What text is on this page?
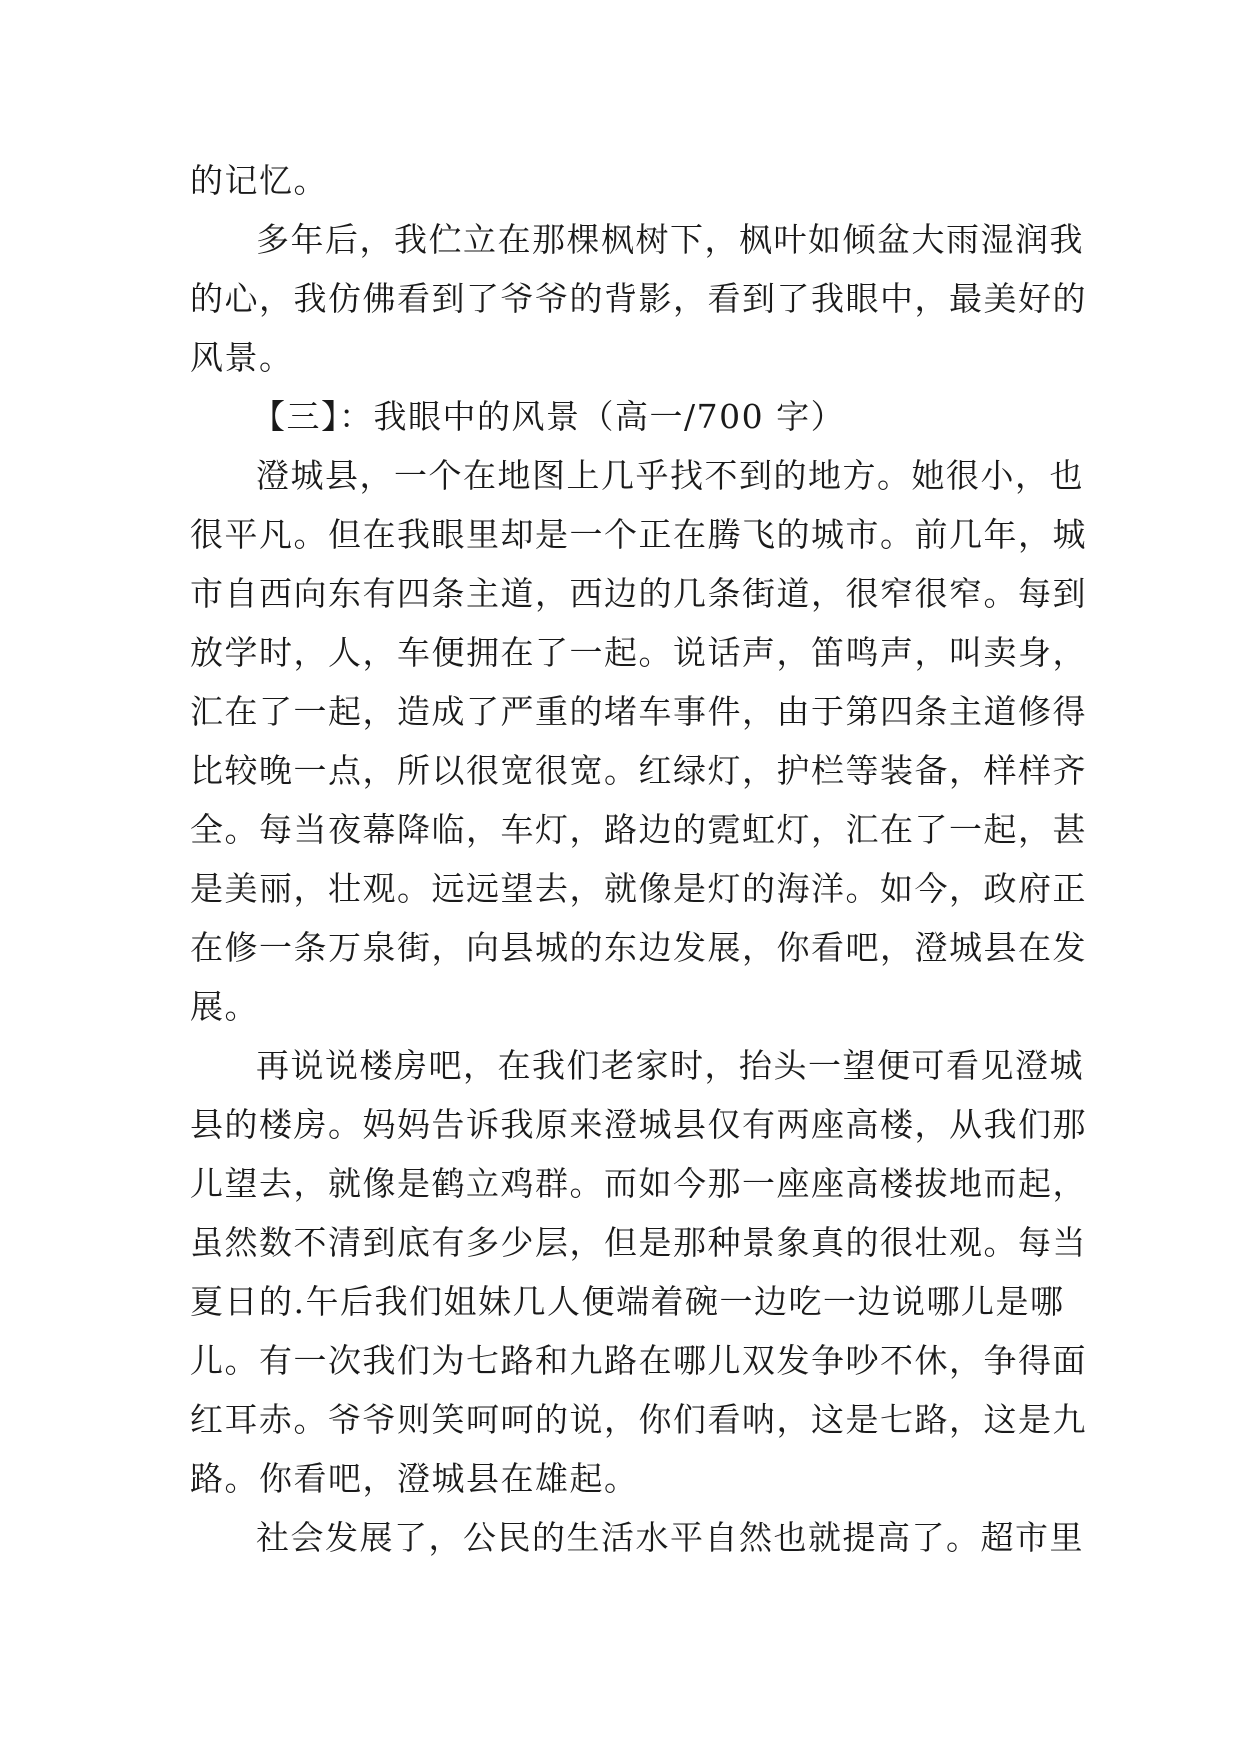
的记忆。
多年后，我伫立在那棵枫树下，枫叶如倾盆大雨湿润我
的心，我仿佛看到了爷爷的背影，看到了我眼中，最美好的
风景。
【三】：我眼中的风景（高一/700 字）
澄城县，一个在地图上几乎找不到的地方。她很小，也
很平凡。但在我眼里却是一个正在腾飞的城市。前几年，城
市自西向东有四条主道，西边的几条街道，很窄很窄。每到
放学时，人，车便拥在了一起。说话声，笛鸣声，叫卖身，
汇在了一起，造成了严重的堵车事件，由于第四条主道修得
比较晚一点，所以很宽很宽。红绿灯，护栏等装备，样样齐
全。每当夜幕降临，车灯，路边的霓虹灯，汇在了一起，甚
是美丽，壮观。远远望去，就像是灯的海洋。如今，政府正
在修一条万泉街，向县城的东边发展，你看吧，澄城县在发
展。
再说说楼房吧，在我们老家时，抬头一望便可看见澄城
县的楼房。妈妈告诉我原来澄城县仅有两座高楼，从我们那
儿望去，就像是鹤立鸡群。而如今那一座座高楼拔地而起，
虽然数不清到底有多少层，但是那种景象真的很壮观。每当
夏日的.午后我们姐妹几人便端着碗一边吃一边说哪儿是哪
儿。有一次我们为七路和九路在哪儿双发争吵不休，争得面
红耳赤。爷爷则笑呵呵的说，你们看呐，这是七路，这是九
路。你看吧，澄城县在雄起。
社会发展了，公民的生活水平自然也就提高了。超市里
